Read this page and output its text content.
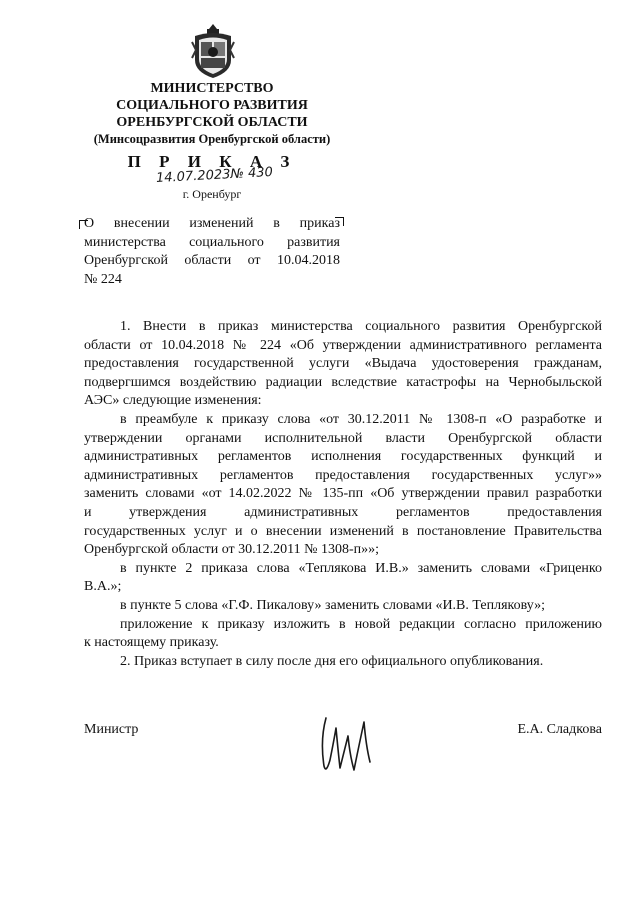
МИНИСТЕРСТВО
СОЦИАЛЬНОГО РАЗВИТИЯ
ОРЕНБУРГСКОЙ ОБЛАСТИ
(Минсоцразвития Оренбургской области)
П Р И К А З
14.07.2023№ 430
г. Оренбург
О внесении изменений в приказ
министерства социального развития
Оренбургской области от 10.04.2018
№ 224
1. Внести в приказ министерства социального развития Оренбургской
области от 10.04.2018 № 224 «Об утверждении административного регламента
предоставления государственной услуги «Выдача удостоверения гражданам,
подвергшимся воздействию радиации вследствие катастрофы на Чернобыльской
АЭС» следующие изменения:
в преамбуле к приказу слова «от 30.12.2011 № 1308-п «О разработке и
утверждении органами исполнительной власти Оренбургской области
административных регламентов исполнения государственных функций и
административных регламентов предоставления государственных услуг»»
заменить словами «от 14.02.2022 № 135-пп «Об утверждении правил разработки
и утверждения административных регламентов предоставления
государственных услуг и о внесении изменений в постановление Правительства
Оренбургской области от 30.12.2011 № 1308-п»»;
в пункте 2 приказа слова «Теплякова И.В.» заменить словами «Гриценко
В.А.»;
в пункте 5 слова «Г.Ф. Пикалову» заменить словами «И.В. Теплякову»;
приложение к приказу изложить в новой редакции согласно приложению
к настоящему приказу.
2. Приказ вступает в силу после дня его официального опубликования.
Министр	Е.А. Сладкова
